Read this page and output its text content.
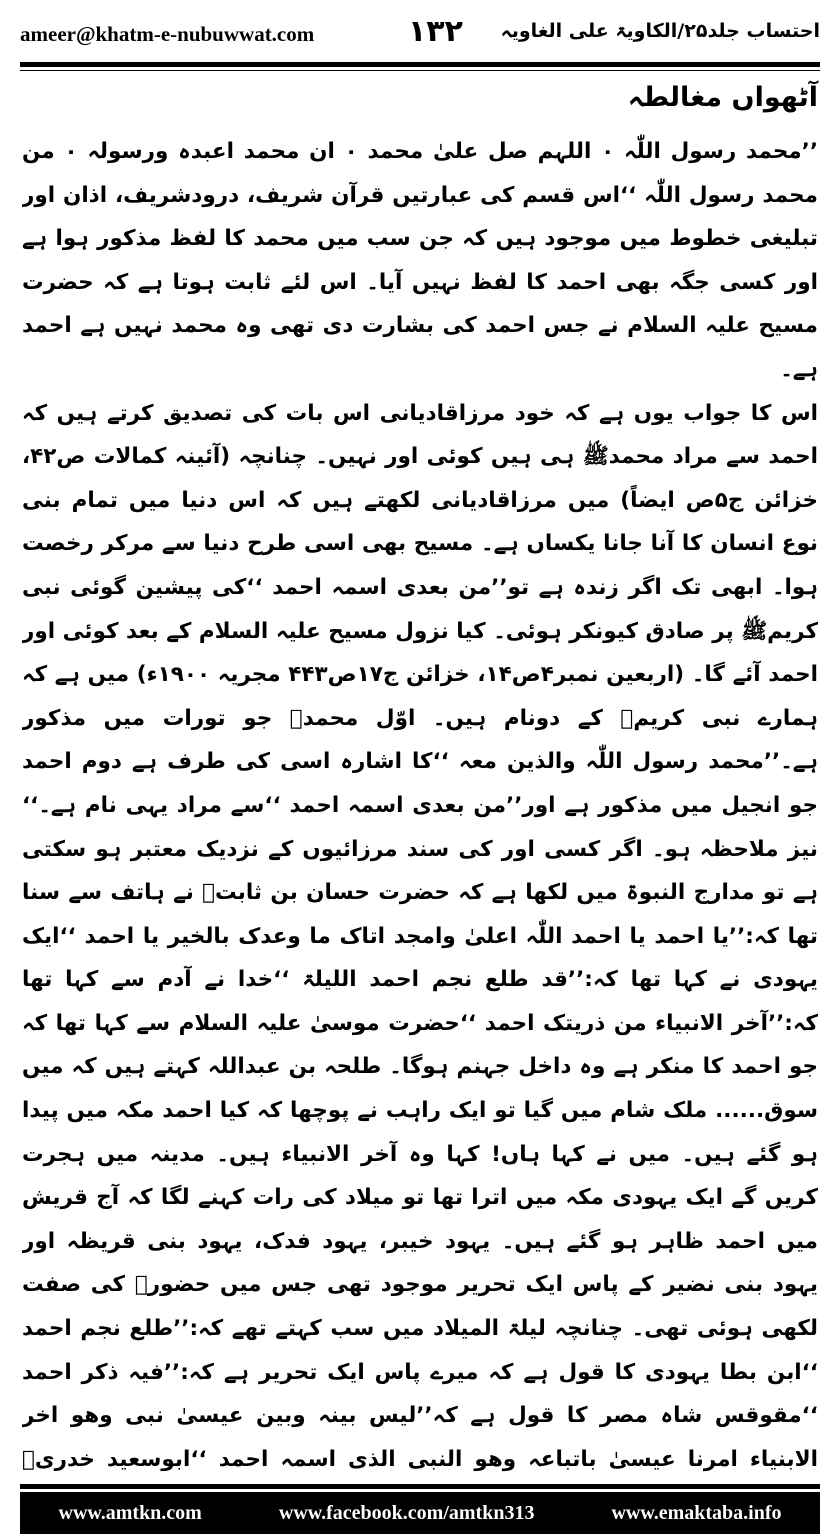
ameer@khatm-e-nubuwwat.com	۱۳۲ احتساب جلد۲۵/الکاویۃ علی الغاویہ
آٹھواں مغالطہ

’’محمد رسول اللّٰہ ۰ اللہم صل علیٰ محمد ۰ ان محمد اعبدہ ورسولہ ۰ من محمد رسول اللّٰہ ‘‘اس قسم کی عبارتیں قرآن شریف، درودشریف، اذان اور تبلیغی خطوط میں موجود ہیں کہ جن سب میں محمد کا لفظ مذکور ہوا ہے اور کسی جگہ بھی احمد کا لفظ نہیں آیا۔ اس لئے ثابت ہوتا ہے کہ حضرت مسیح علیہ السلام نے جس احمد کی بشارت دی تھی وہ محمد نہیں ہے احمد ہے۔

اس کا جواب یوں ہے کہ خود مرزاقادیانی اس بات کی تصدیق کرتے ہیں کہ احمد سے مراد محمدﷺ ہی ہیں کوئی اور نہیں۔ چنانچہ (آئینہ کمالات ص۴۲، خزائن ج۵ص ایضاً) میں مرزاقادیانی لکھتے ہیں کہ اس دنیا میں تمام بنی نوع انسان کا آنا جانا یکساں ہے۔ مسیح بھی اسی طرح دنیا سے مرکر رخصت ہوا۔ ابھی تک اگر زندہ ہے تو’’من بعدی اسمہ احمد ‘‘کی پیشین گوئی نبی کریمﷺ پر صادق کیونکر ہوئی۔ کیا نزول مسیح علیہ السلام کے بعد کوئی اور احمد آئے گا۔ (اربعین نمبر۴ص۱۴، خزائن ج۱۷ص۴۴۳ مجریہ ۱۹۰۰ء) میں ہے کہ ہمارے نبی کریمﷺ کے دونام ہیں۔ اوّل محمدؐ جو تورات میں مذکور ہے۔’’محمد رسول اللّٰہ والذین معہ ‘‘کا اشارہ اسی کی طرف ہے دوم احمد جو انجیل میں مذکور ہے اور’’من بعدی اسمہ احمد ‘‘سے مراد یہی نام ہے۔‘‘ نیز ملاحظہ ہو۔ اگر کسی اور کی سند مرزائیوں کے نزدیک معتبر ہو سکتی ہے تو مدارج النبوۃ میں لکھا ہے کہ حضرت حسان بن ثابتؓ نے ہاتف سے سنا تھا کہ:’’یا احمد یا احمد اللّٰہ اعلیٰ وامجد اتاک ما وعدک بالخیر یا احمد ‘‘ایک یہودی نے کہا تھا کہ:’’قد طلع نجم احمد اللیلۃ ‘‘خدا نے آدم سے کہا تھا کہ:’’آخر الانبیاء من ذریتک احمد ‘‘حضرت موسیٰ علیہ السلام سے کہا تھا کہ جو احمد کا منکر ہے وہ داخل جہنم ہوگا۔ طلحہ بن عبداللہ کہتے ہیں کہ میں سوق...... ملک شام میں گیا تو ایک راہب نے پوچھا کہ کیا احمد مکہ میں پیدا ہو گئے ہیں۔ میں نے کہا ہاں! کہا وہ آخر الانبیاء ہیں۔ مدینہ میں ہجرت کریں گے ایک یہودی مکہ میں اترا تھا تو میلاد کی رات کہنے لگا کہ آج قریش میں احمد ظاہر ہو گئے ہیں۔ یہود خیبر، یہود فدک، یہود بنی قریظہ اور یہود بنی نضیر کے پاس ایک تحریر موجود تھی جس میں حضورﷺ کی صفت لکھی ہوئی تھی۔ چنانچہ لیلۃ المیلاد میں سب کہتے تھے کہ:’’طلع نجم احمد ‘‘ابن بطا یہودی کا قول ہے کہ میرے پاس ایک تحریر ہے کہ:’’فیہ ذکر احمد ‘‘مقوقس شاہ مصر کا قول ہے کہ’’لیس بینہ وبین عیسیٰ نبی وھو اخر الابنیاء امرنا عیسیٰ باتباعہ وھو النبی الذی اسمہ احمد ‘‘ابوسعید خدریؓ

www.amtkn.com	www.facebook.com/amtkn313	www.emaktaba.info
